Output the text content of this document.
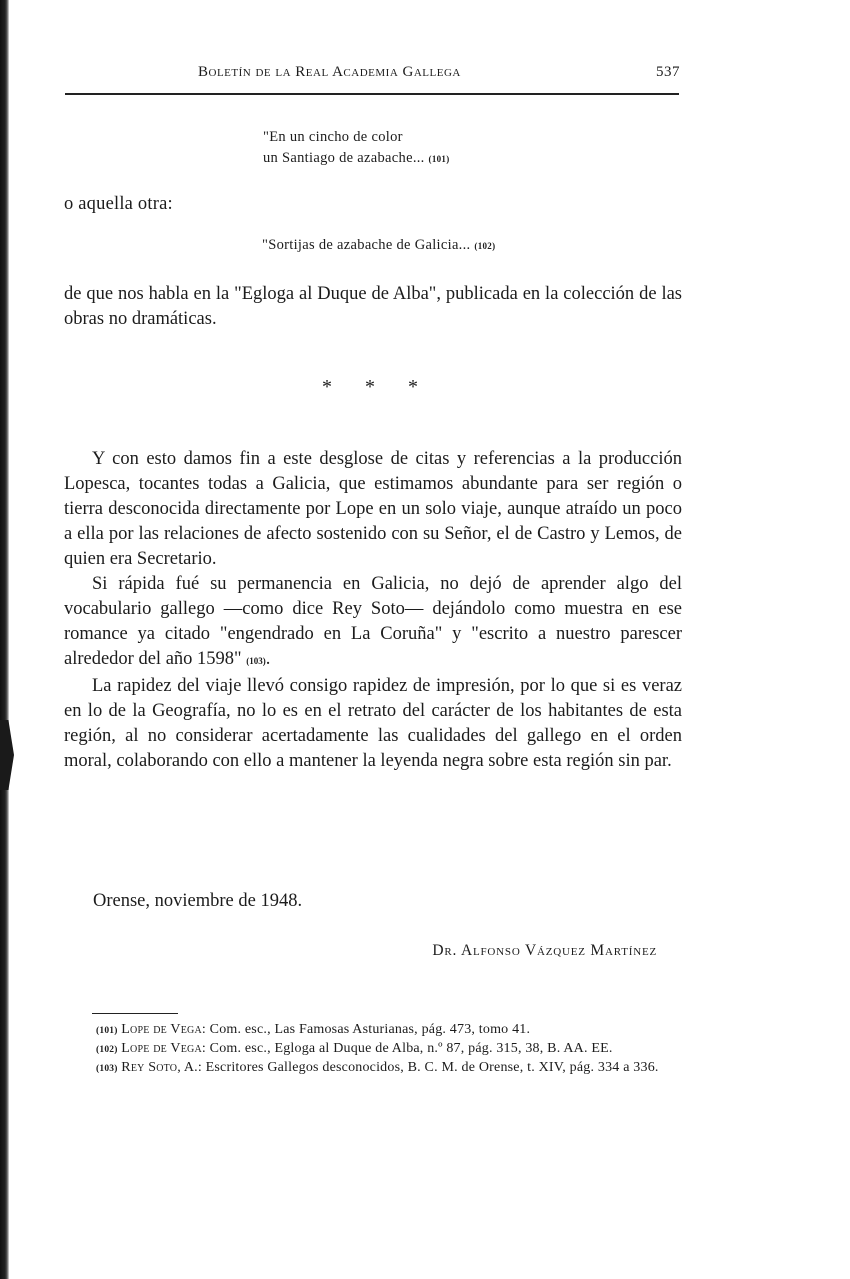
Boletín de la Real Academia Gallega	537
"En un cincho de color
un Santiago de azabache... (101)
o aquella otra:
"Sortijas de azabache de Galicia... (102)

de que nos habla en la "Egloga al Duque de Alba", publicada en la colección de las obras no dramáticas.

* * *

Y con esto damos fin a este desglose de citas y referencias a la producción Lopesca, tocantes todas a Galicia, que estimamos abundante para ser región o tierra desconocida directamente por Lope en un solo viaje, aunque atraído un poco a ella por las relaciones de afecto sostenido con su Señor, el de Castro y Lemos, de quien era Secretario.

Si rápida fué su permanencia en Galicia, no dejó de aprender algo del vocabulario gallego —como dice Rey Soto— dejándolo como muestra en ese romance ya citado "engendrado en La Coruña" y "escrito a nuestro parescer alrededor del año 1598" (103).

La rapidez del viaje llevó consigo rapidez de impresión, por lo que si es veraz en lo de la Geografía, no lo es en el retrato del carácter de los habitantes de esta región, al no considerar acertadamente las cualidades del gallego en el orden moral, colaborando con ello a mantener la leyenda negra sobre esta región sin par.

Orense, noviembre de 1948.
Dr. Alfonso Vázquez Martínez

(101) Lope de Vega: Com. esc., Las Famosas Asturianas, pág. 473, tomo 41.

(102) Lope de Vega: Com. esc., Egloga al Duque de Alba, n.º 87, pág. 315, 38, B. AA. EE.

(103) Rey Soto, A.: Escritores Gallegos desconocidos, B. C. M. de Orense, t. XIV, pág. 334 a 336.
